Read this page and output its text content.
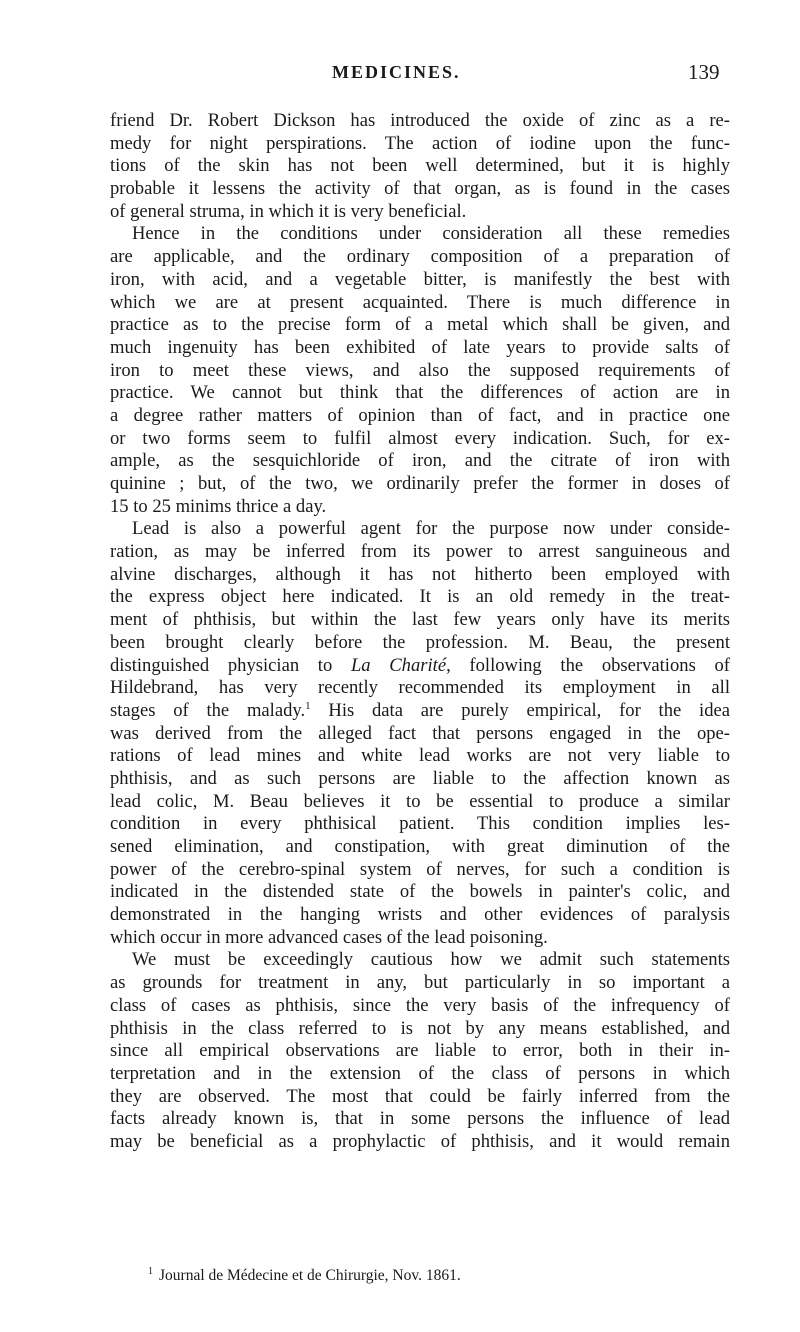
MEDICINES.	139
friend Dr. Robert Dickson has introduced the oxide of zinc as a re-
medy for night perspirations. The action of iodine upon the func-
tions of the skin has not been well determined, but it is highly
probable it lessens the activity of that organ, as is found in the cases
of general struma, in which it is very beneficial.
Hence in the conditions under consideration all these remedies
are applicable, and the ordinary composition of a preparation of
iron, with acid, and a vegetable bitter, is manifestly the best with
which we are at present acquainted. There is much difference in
practice as to the precise form of a metal which shall be given, and
much ingenuity has been exhibited of late years to provide salts of
iron to meet these views, and also the supposed requirements of
practice. We cannot but think that the differences of action are in
a degree rather matters of opinion than of fact, and in practice one
or two forms seem to fulfil almost every indication. Such, for ex-
ample, as the sesquichloride of iron, and the citrate of iron with
quinine ; but, of the two, we ordinarily prefer the former in doses of
15 to 25 minims thrice a day.
Lead is also a powerful agent for the purpose now under conside-
ration, as may be inferred from its power to arrest sanguineous and
alvine discharges, although it has not hitherto been employed with
the express object here indicated. It is an old remedy in the treat-
ment of phthisis, but within the last few years only have its merits
been brought clearly before the profession. M. Beau, the present
distinguished physician to La Charité, following the observations of
Hildebrand, has very recently recommended its employment in all
stages of the malady.$^1$ His data are purely empirical, for the idea
was derived from the alleged fact that persons engaged in the ope-
rations of lead mines and white lead works are not very liable to
phthisis, and as such persons are liable to the affection known as
lead colic, M. Beau believes it to be essential to produce a similar
condition in every phthisical patient. This condition implies les-
sened elimination, and constipation, with great diminution of the
power of the cerebro-spinal system of nerves, for such a condition is
indicated in the distended state of the bowels in painter's colic, and
demonstrated in the hanging wrists and other evidences of paralysis
which occur in more advanced cases of the lead poisoning.
We must be exceedingly cautious how we admit such statements
as grounds for treatment in any, but particularly in so important a
class of cases as phthisis, since the very basis of the infrequency of
phthisis in the class referred to is not by any means established, and
since all empirical observations are liable to error, both in their in-
terpretation and in the extension of the class of persons in which
they are observed. The most that could be fairly inferred from the
facts already known is, that in some persons the influence of lead
may be beneficial as a prophylactic of phthisis, and it would remain
$^1$ Journal de Médecine et de Chirurgie, Nov. 1861.
